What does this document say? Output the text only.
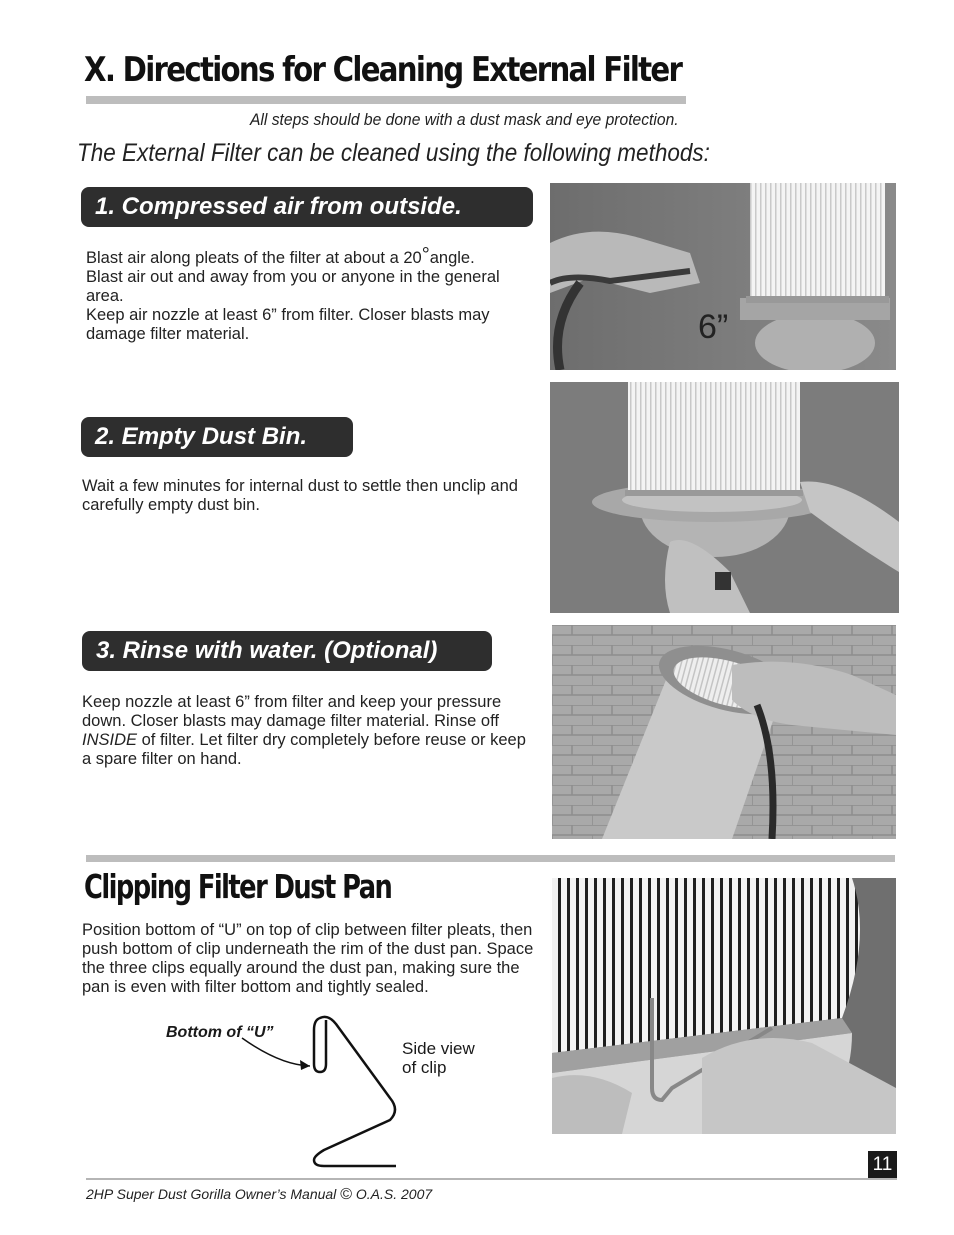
X. Directions for Cleaning External Filter
All steps should be done with a dust mask and eye protection.
The External Filter can be cleaned using the following methods:
1. Compressed air from outside.
Blast air along pleats of the filter at about a 20°angle.
Blast air out and away from you or anyone in the general area.
Keep air nozzle at least 6” from filter. Closer blasts may damage filter material.	6”
2. Empty Dust Bin.
Wait a few minutes for internal dust to settle then unclip and carefully empty dust bin.
3. Rinse with water. (Optional)
Keep nozzle at least 6” from filter and keep your pressure down. Closer blasts may damage filter material. Rinse off INSIDE of filter. Let filter dry completely before reuse or keep a spare filter on hand.
Clipping Filter Dust Pan
Position bottom of “U” on top of clip between filter pleats, then push bottom of clip underneath the rim of the dust pan. Space the three clips equally around the dust pan, making sure the pan is even with filter bottom and tightly sealed.
Bottom of “U”
Side view
of clip
11
2HP Super Dust Gorilla Owner’s Manual © O.A.S. 2007
